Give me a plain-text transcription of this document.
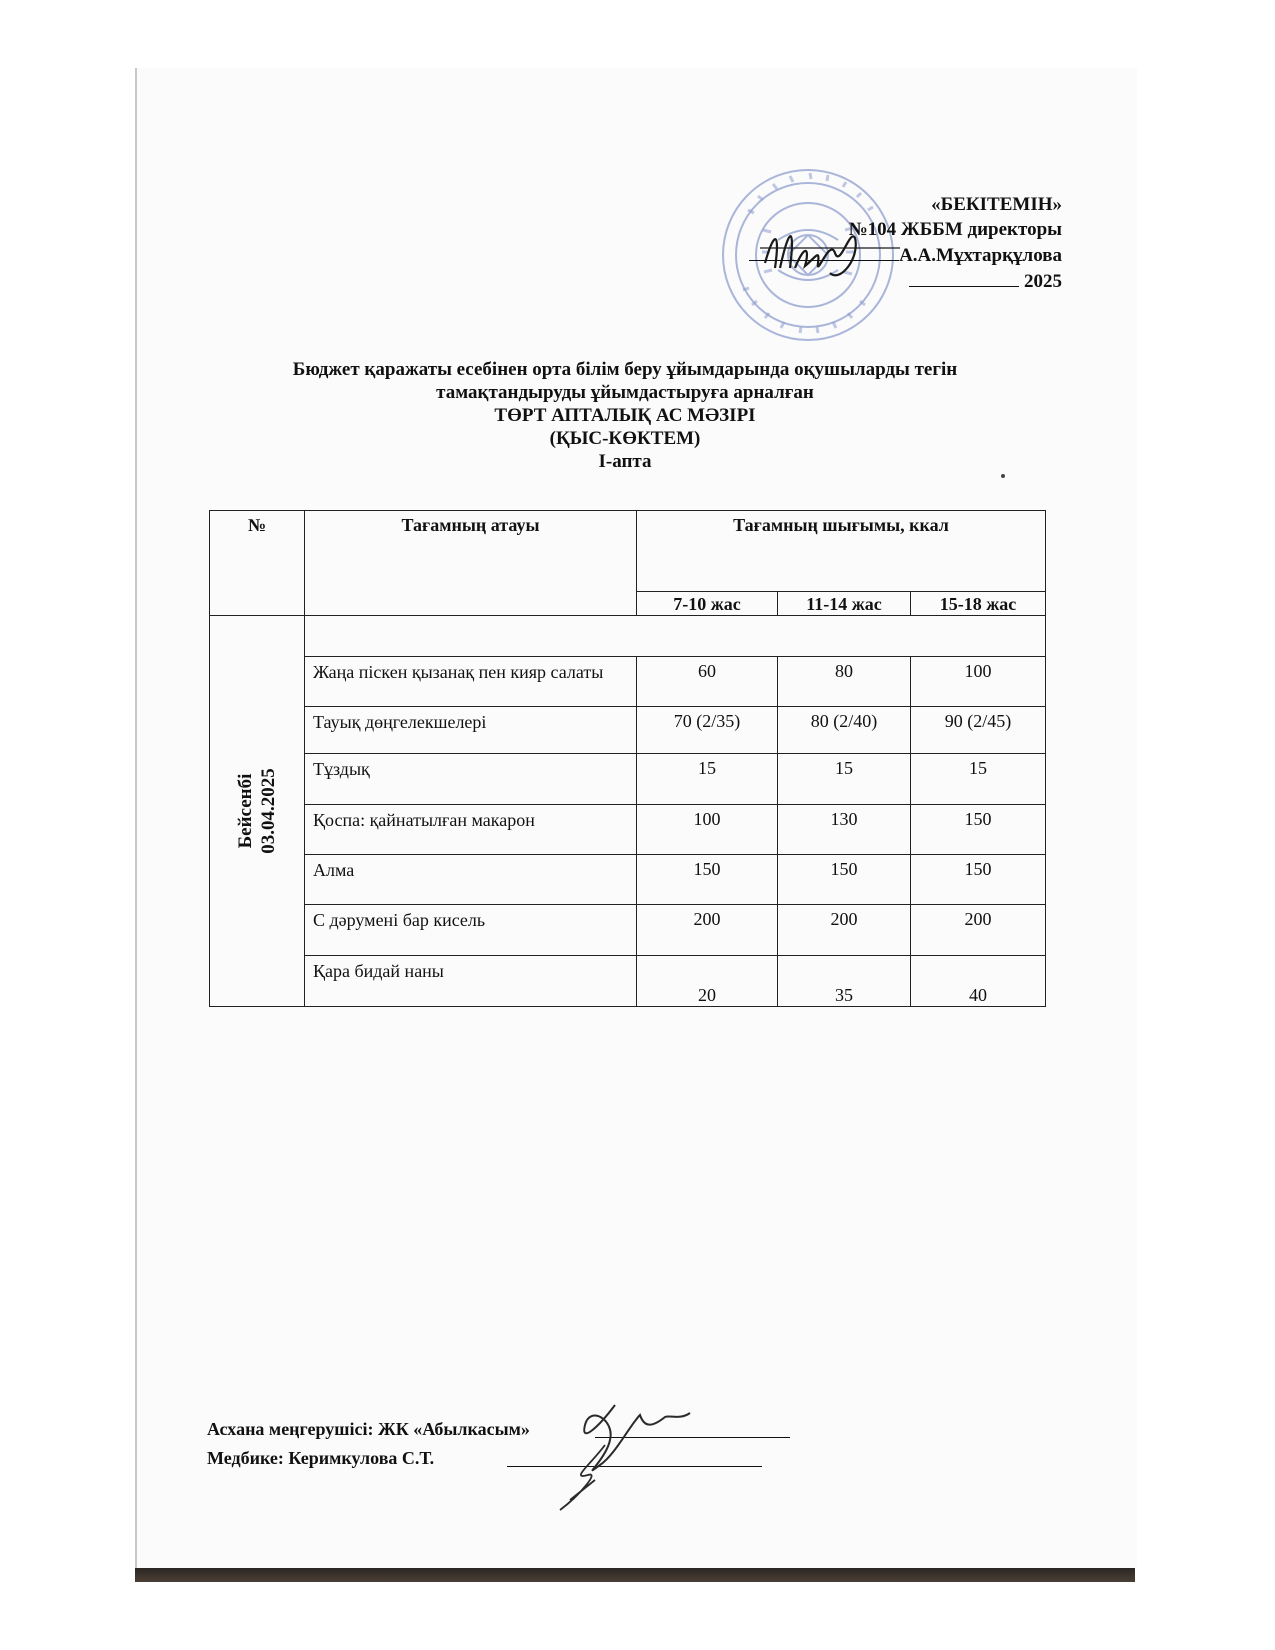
«БЕКІТЕМІН»
№104 ЖББМ директоры
А.А.Мұхтарқұлова
2025
Бюджет қаражаты есебінен орта білім беру ұйымдарында оқушыларды тегін
тамақтандыруды ұйымдастыруға арналған
ТӨРТ АПТАЛЫҚ АС МӘЗІРІ
(ҚЫС-КӨКТЕМ)
I-апта
№	Тағамның атауы	Тағамның шығымы, ккал		
		7-10 жас	11-14 жас	15-18 жас

Бейсенбі 03.04.2025				

	Жаңа піскен қызанақ пен кияр салаты	60	80	100
	Тауық дөңгелекшелері	70 (2/35)	80 (2/40)	90 (2/45)
	Тұздық	15	15	15
	Қоспа: қайнатылған макарон	100	130	150
	Алма	150	150	150
	С дәрумені бар кисель	200	200	200
	Қара бидай наны	20	35	40
Асхана меңгерушісі: ЖК «Абылкасым»
Медбике: Керимкулова С.Т.
